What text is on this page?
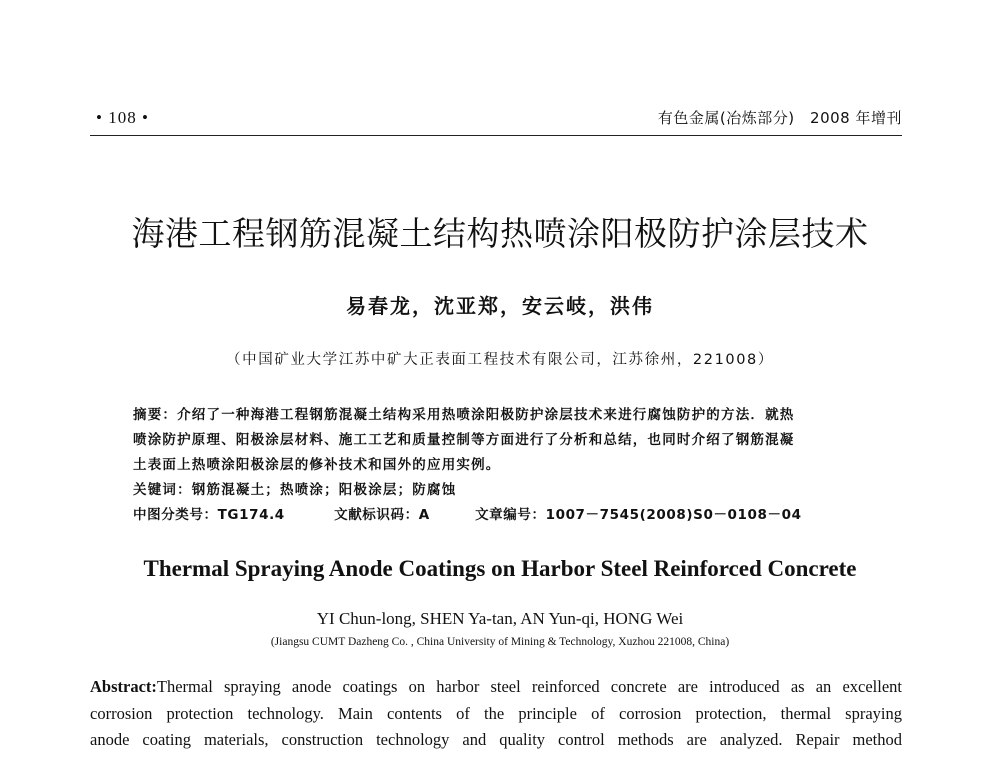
• 108 •	有色金属(冶炼部分)　2008 年增刊
海港工程钢筋混凝土结构热喷涂阳极防护涂层技术
易春龙，沈亚郑，安云岐，洪伟
（中国矿业大学江苏中矿大正表面工程技术有限公司，江苏徐州，221008）
摘要：介绍了一种海港工程钢筋混凝土结构采用热喷涂阳极防护涂层技术来进行腐蚀防护的方法．就热
喷涂防护原理、阳极涂层材料、施工工艺和质量控制等方面进行了分析和总结，也同时介绍了钢筋混凝
土表面上热喷涂阳极涂层的修补技术和国外的应用实例。
关键词：钢筋混凝土；热喷涂；阳极涂层；防腐蚀
中图分类号：TG174.4	文献标识码：A	文章编号：1007－7545(2008)S0－0108－04
Thermal Spraying Anode Coatings on Harbor Steel Reinforced Concrete
YI Chun-long, SHEN Ya-tan, AN Yun-qi, HONG Wei
(Jiangsu CUMT Dazheng Co. , China University of Mining & Technology, Xuzhou 221008, China)
Abstract:Thermal spraying anode coatings on harbor steel reinforced concrete are introduced as an excellent
corrosion protection technology. Main contents of the principle of corrosion protection, thermal spraying
anode coating materials, construction technology and quality control methods are analyzed. Repair method
